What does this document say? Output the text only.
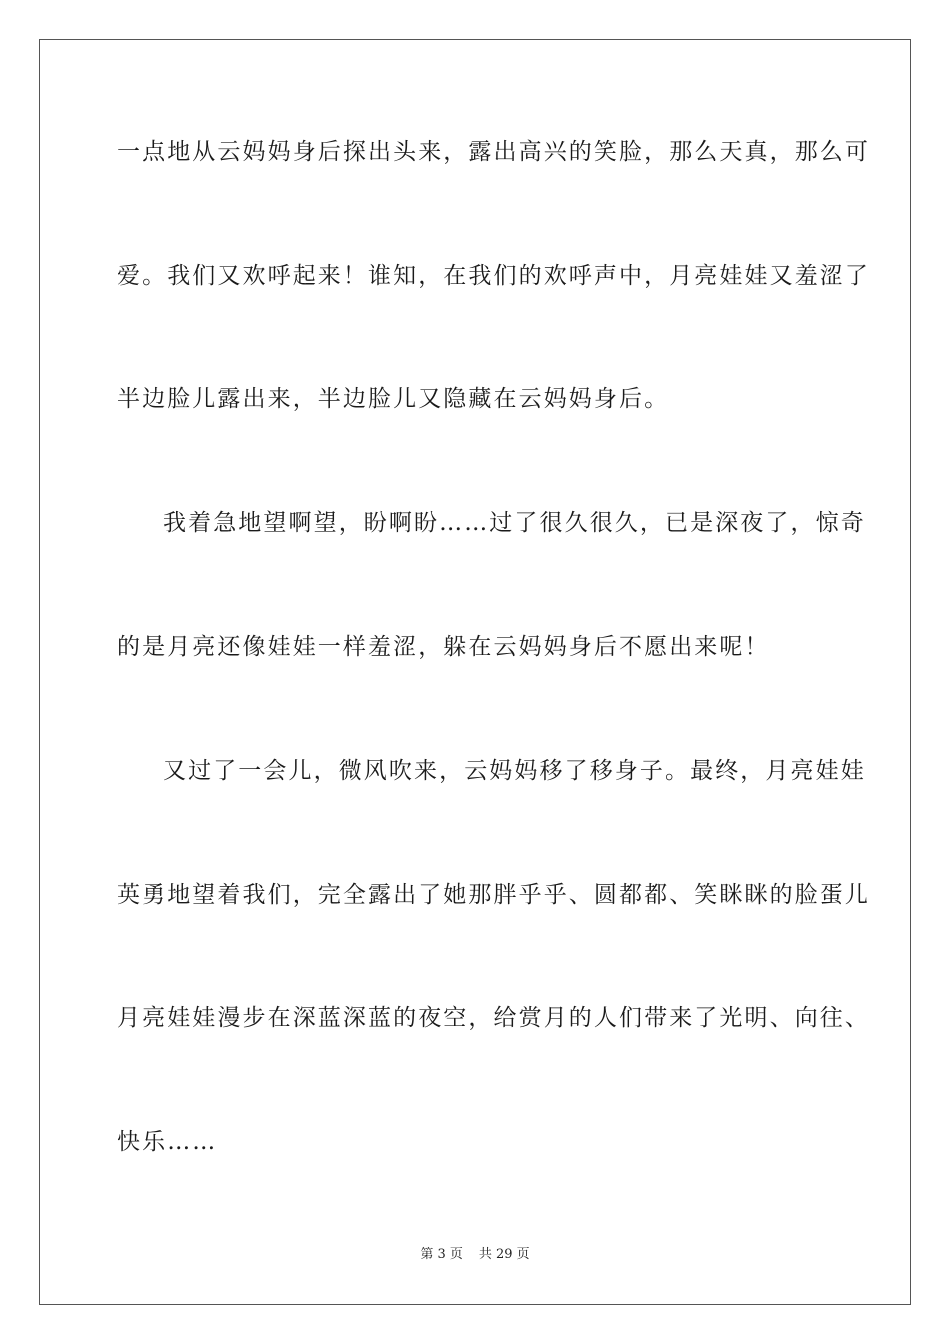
一点地从云妈妈身后探出头来，露出高兴的笑脸，那么天真，那么可
爱。我们又欢呼起来！谁知，在我们的欢呼声中，月亮娃娃又羞涩了
半边脸儿露出来，半边脸儿又隐藏在云妈妈身后。
我着急地望啊望，盼啊盼……过了很久很久，已是深夜了，惊奇
的是月亮还像娃娃一样羞涩，躲在云妈妈身后不愿出来呢！
又过了一会儿，微风吹来，云妈妈移了移身子。最终，月亮娃娃
英勇地望着我们，完全露出了她那胖乎乎、圆都都、笑眯眯的脸蛋儿
月亮娃娃漫步在深蓝深蓝的夜空，给赏月的人们带来了光明、向往、
快乐……
第 3 页 共 29 页
